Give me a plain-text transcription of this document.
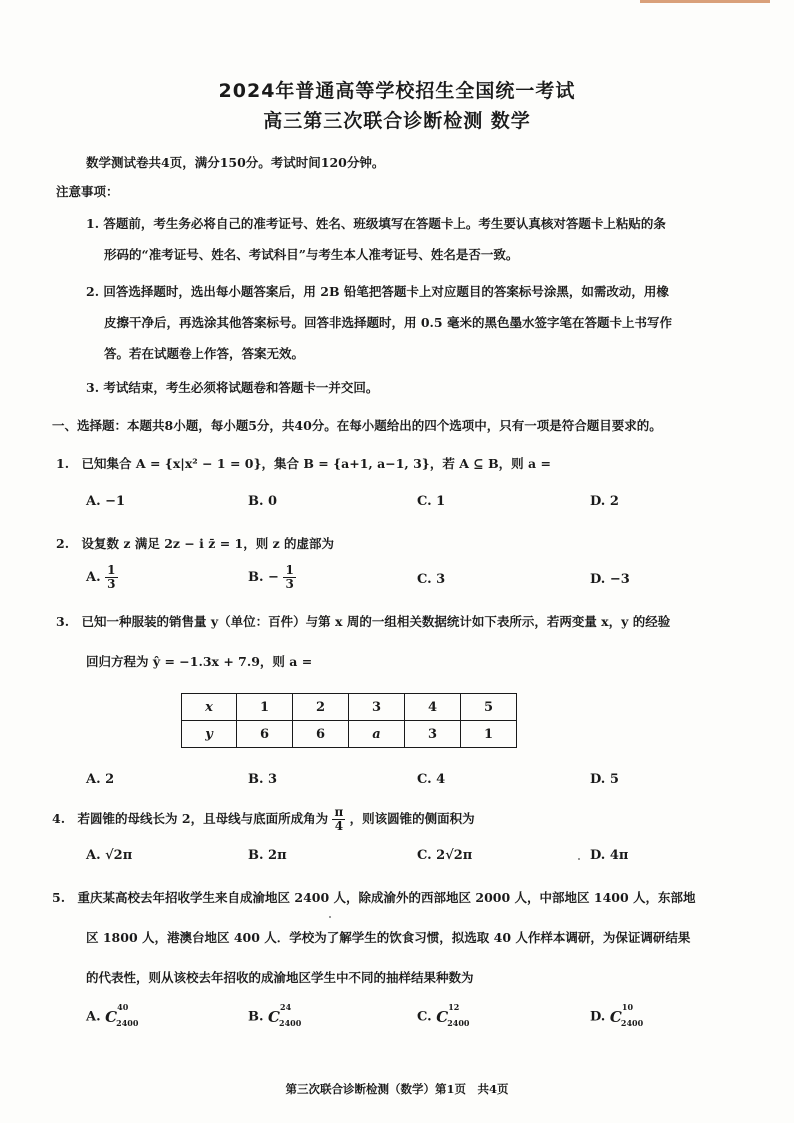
2024年普通高等学校招生全国统一考试
高三第三次联合诊断检测 数学
数学测试卷共4页，满分150分。考试时间120分钟。
注意事项：
1. 答题前，考生务必将自己的准考证号、姓名、班级填写在答题卡上。考生要认真核对答题卡上粘贴的条
形码的“准考证号、姓名、考试科目”与考生本人准考证号、姓名是否一致。
2. 回答选择题时，选出每小题答案后，用 2B 铅笔把答题卡上对应题目的答案标号涂黑，如需改动，用橡
皮擦干净后，再选涂其他答案标号。回答非选择题时，用 0.5 毫米的黑色墨水签字笔在答题卡上书写作
答。若在试题卷上作答，答案无效。
3. 考试结束，考生必须将试题卷和答题卡一并交回。
一、选择题：本题共8小题，每小题5分，共40分。在每小题给出的四个选项中，只有一项是符合题目要求的。
1.　已知集合 A = {x|x² − 1 = 0}，集合 B = {a+1, a−1, 3}，若 A ⊆ B，则 a =
A. −1	B. 0	C. 1	D. 2
2.　设复数 z 满足 2z − i z̄ = 1，则 z 的虚部为
A. $\frac{1}{3}$	B. − $\frac{1}{3}$	C. 3	D. −3
3.　已知一种服装的销售量 y（单位：百件）与第 x 周的一组相关数据统计如下表所示，若两变量 x，y 的经验
回归方程为 ŷ = −1.3x + 7.9，则 a =
x	1	2	3	4	5
y	6	6	a	3	1
A. 2	B. 3	C. 4	D. 5
4.　若圆锥的母线长为 2，且母线与底面所成角为 $\frac{\pi}{4}$ ，则该圆锥的侧面积为
A. √2π	B. 2π	C. 2√2π	D. 4π
5.　重庆某高校去年招收学生来自成渝地区 2400 人，除成渝外的西部地区 2000 人，中部地区 1400 人，东部地
区 1800 人，港澳台地区 400 人．学校为了解学生的饮食习惯，拟选取 40 人作样本调研，为保证调研结果
的代表性，则从该校去年招收的成渝地区学生中不同的抽样结果种数为
A. C
40
2400	B. C
24
2400	C. C
12
2400	D. C
10
2400
第三次联合诊断检测（数学）第1页　共4页
